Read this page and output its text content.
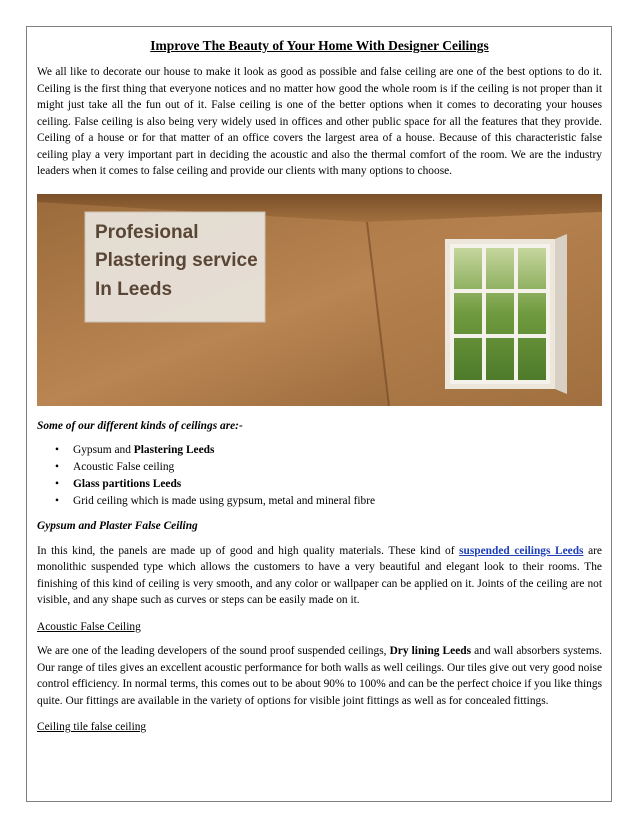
Improve The Beauty of Your Home With Designer Ceilings

We all like to decorate our house to make it look as good as possible and false ceiling are one of the best options to do it. Ceiling is the first thing that everyone notices and no matter how good the whole room is if the ceiling is not proper than it might just take all the fun out of it. False ceiling is one of the better options when it comes to decorating your houses ceiling. False ceiling is also being very widely used in offices and other public space for all the features that they provide. Ceiling of a house or for that matter of an office covers the largest area of a house. Because of this characteristic false ceiling play a very important part in deciding the acoustic and also the thermal comfort of the room. We are the industry leaders when it comes to false ceiling and provide our clients with many options to choose.

Profesional
Plastering service
In Leeds

Some of our different kinds of ceilings are:-

• Gypsum and Plastering Leeds
• Acoustic False ceiling
• Glass partitions Leeds
• Grid ceiling which is made using gypsum, metal and mineral fibre

Gypsum and Plaster False Ceiling

In this kind, the panels are made up of good and high quality materials. These kind of suspended ceilings Leeds are monolithic suspended type which allows the customers to have a very beautiful and elegant look to their rooms. The finishing of this kind of ceiling is very smooth, and any color or wallpaper can be applied on it. Joints of the ceiling are not visible, and any shape such as curves or steps can be easily made on it.

Acoustic False Ceiling

We are one of the leading developers of the sound proof suspended ceilings, Dry lining Leeds and wall absorbers systems. Our range of tiles gives an excellent acoustic performance for both walls as well ceilings. Our tiles give out very good noise control efficiency. In normal terms, this comes out to be about 90% to 100% and can be the perfect choice if you like things quite. Our fittings are available in the variety of options for visible joint fittings as well as for concealed fittings.

Ceiling tile false ceiling
